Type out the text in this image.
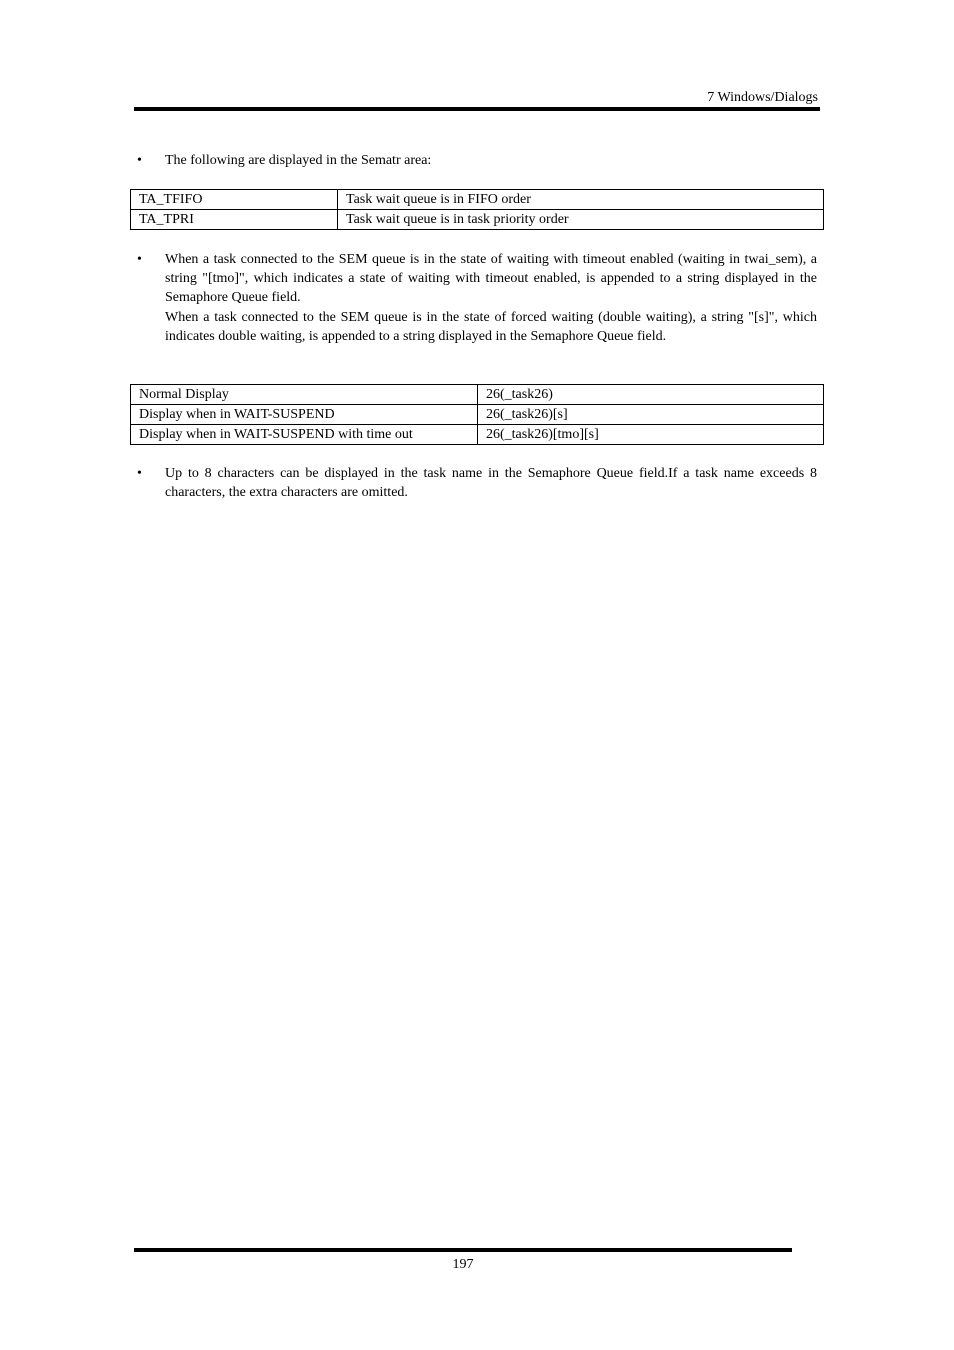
7 Windows/Dialogs
• The following are displayed in the Sematr area:
TA_TFIFO	Task wait queue is in FIFO order
TA_TPRI	Task wait queue is in task priority order
• When a task connected to the SEM queue is in the state of waiting with timeout enabled (waiting in twai_sem), a string "[tmo]", which indicates a state of waiting with timeout enabled, is appended to a string displayed in the Semaphore Queue field.
When a task connected to the SEM queue is in the state of forced waiting (double waiting), a string "[s]", which indicates double waiting, is appended to a string displayed in the Semaphore Queue field.
Normal Display	26(_task26)
Display when in WAIT-SUSPEND	26(_task26)[s]
Display when in WAIT-SUSPEND with time out	26(_task26)[tmo][s]
• Up to 8 characters can be displayed in the task name in the Semaphore Queue field.If a task name exceeds 8 characters, the extra characters are omitted.
197
